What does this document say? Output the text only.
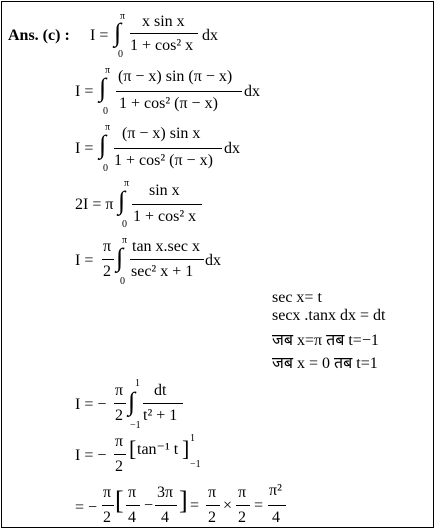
Ans. (c) : I = ∫
π
0
x sin x
1 + cos² x
dx
I = ∫
π
0
(π − x) sin (π − x)
1 + cos² (π − x)
dx
I = ∫
π
0
(π − x) sin x
1 + cos² (π − x)
dx
2I = π ∫
π
0
sin x
1 + cos² x
I =
π
2 ∫
π
0
tan x.sec x
sec² x + 1
dx
sec x= t
secx .tanx dx = dt
जब x=π तब t=−1
जब x = 0 तब t=1
I = −
π
2 ∫
1
−1
dt
t² + 1
I = −
π
2
[ tan⁻¹ t ] 1
−1
= −
π
2
[ π
4
−
3π
4
] =
π
2
×
π
2
=
π²
4
